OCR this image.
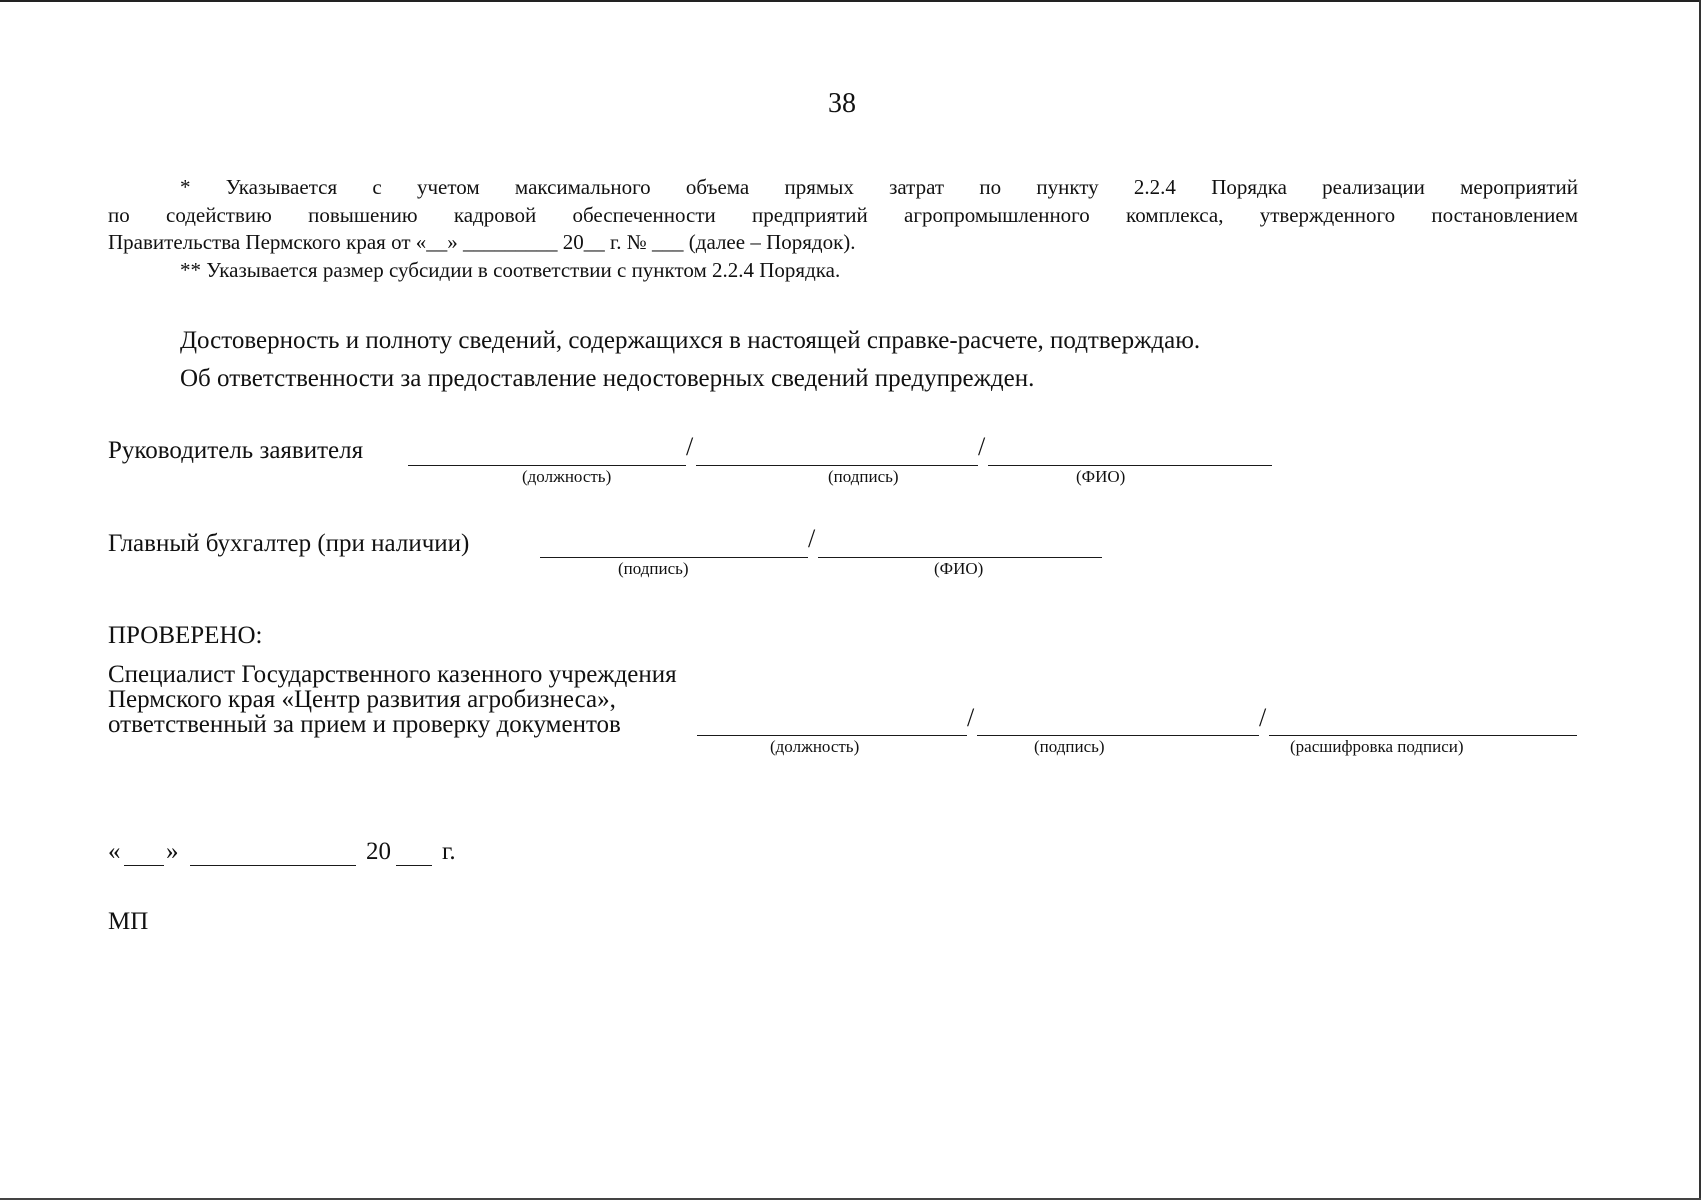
38
* Указывается с учетом максимального объема прямых затрат по пункту 2.2.4 Порядка реализации мероприятий
по содействию повышению кадровой обеспеченности предприятий агропромышленного комплекса, утвержденного постановлением
Правительства Пермского края от «__» _________ 20__ г. № ___ (далее – Порядок).
** Указывается размер субсидии в соответствии с пунктом 2.2.4 Порядка.
Достоверность и полноту сведений, содержащихся в настоящей справке-расчете, подтверждаю.
Об ответственности за предоставление недостоверных сведений предупрежден.
Руководитель заявителя	/	/
(должность)	(подпись)	(ФИО)
Главный бухгалтер (при наличии)	/
(подпись)	(ФИО)
ПРОВЕРЕНО:
Специалист Государственного казенного учреждения
Пермского края «Центр развития агробизнеса»,
ответственный за прием и проверку документов	/	/
(должность)	(подпись)	(расшифровка подписи)
« »	20 г.
МП
